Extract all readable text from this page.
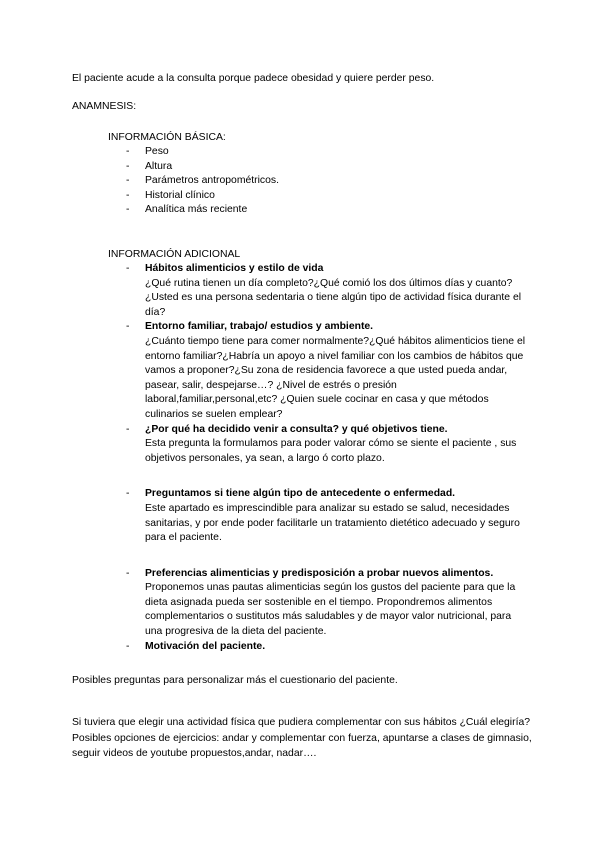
El paciente acude a la consulta porque padece obesidad y quiere perder peso.

ANAMNESIS:

INFORMACIÓN BÁSICA:

- Peso
- Altura
- Parámetros antropométricos.
- Historial clínico
- Analítica más reciente

INFORMACIÓN ADICIONAL

- Hábitos alimenticios y estilo de vida
¿Qué rutina tienen un día completo?¿Qué comió los dos últimos días y cuanto? ¿Usted es una persona sedentaria o tiene algún tipo de actividad física durante el día?
- Entorno familiar, trabajo/ estudios y ambiente.
¿Cuánto tiempo tiene para comer normalmente?¿Qué hábitos alimenticios tiene el entorno familiar?¿Habría un apoyo a nivel familiar con los cambios de hábitos que vamos a proponer?¿Su zona de residencia favorece a que usted pueda andar, pasear, salir, despejarse…? ¿Nivel de estrés o presión laboral,familiar,personal,etc? ¿Quien suele cocinar en casa y que métodos culinarios se suelen emplear?
- ¿Por qué ha decidido venir a consulta? y qué objetivos tiene.
Esta pregunta la formulamos para poder valorar cómo se siente el paciente , sus objetivos personales, ya sean, a largo ó corto plazo.
- Preguntamos si tiene algún tipo de antecedente o enfermedad.
Este apartado es imprescindible para analizar su estado se salud, necesidades sanitarias, y por ende poder facilitarle un tratamiento dietético adecuado y seguro para el paciente.
- Preferencias alimenticias y predisposición a probar nuevos alimentos.
Proponemos unas pautas alimenticias según los gustos del paciente para que la dieta asignada pueda ser sostenible en el tiempo. Propondremos alimentos complementarios o sustitutos más saludables y de mayor valor nutricional, para una progresiva de la dieta del paciente.
- Motivación del paciente.

Posibles preguntas para personalizar más el cuestionario del paciente.

Si tuviera que elegir una actividad física que pudiera complementar con sus hábitos ¿Cuál elegiría? Posibles opciones de ejercicios: andar y complementar con fuerza, apuntarse a clases de gimnasio, seguir videos de youtube propuestos,andar, nadar….
